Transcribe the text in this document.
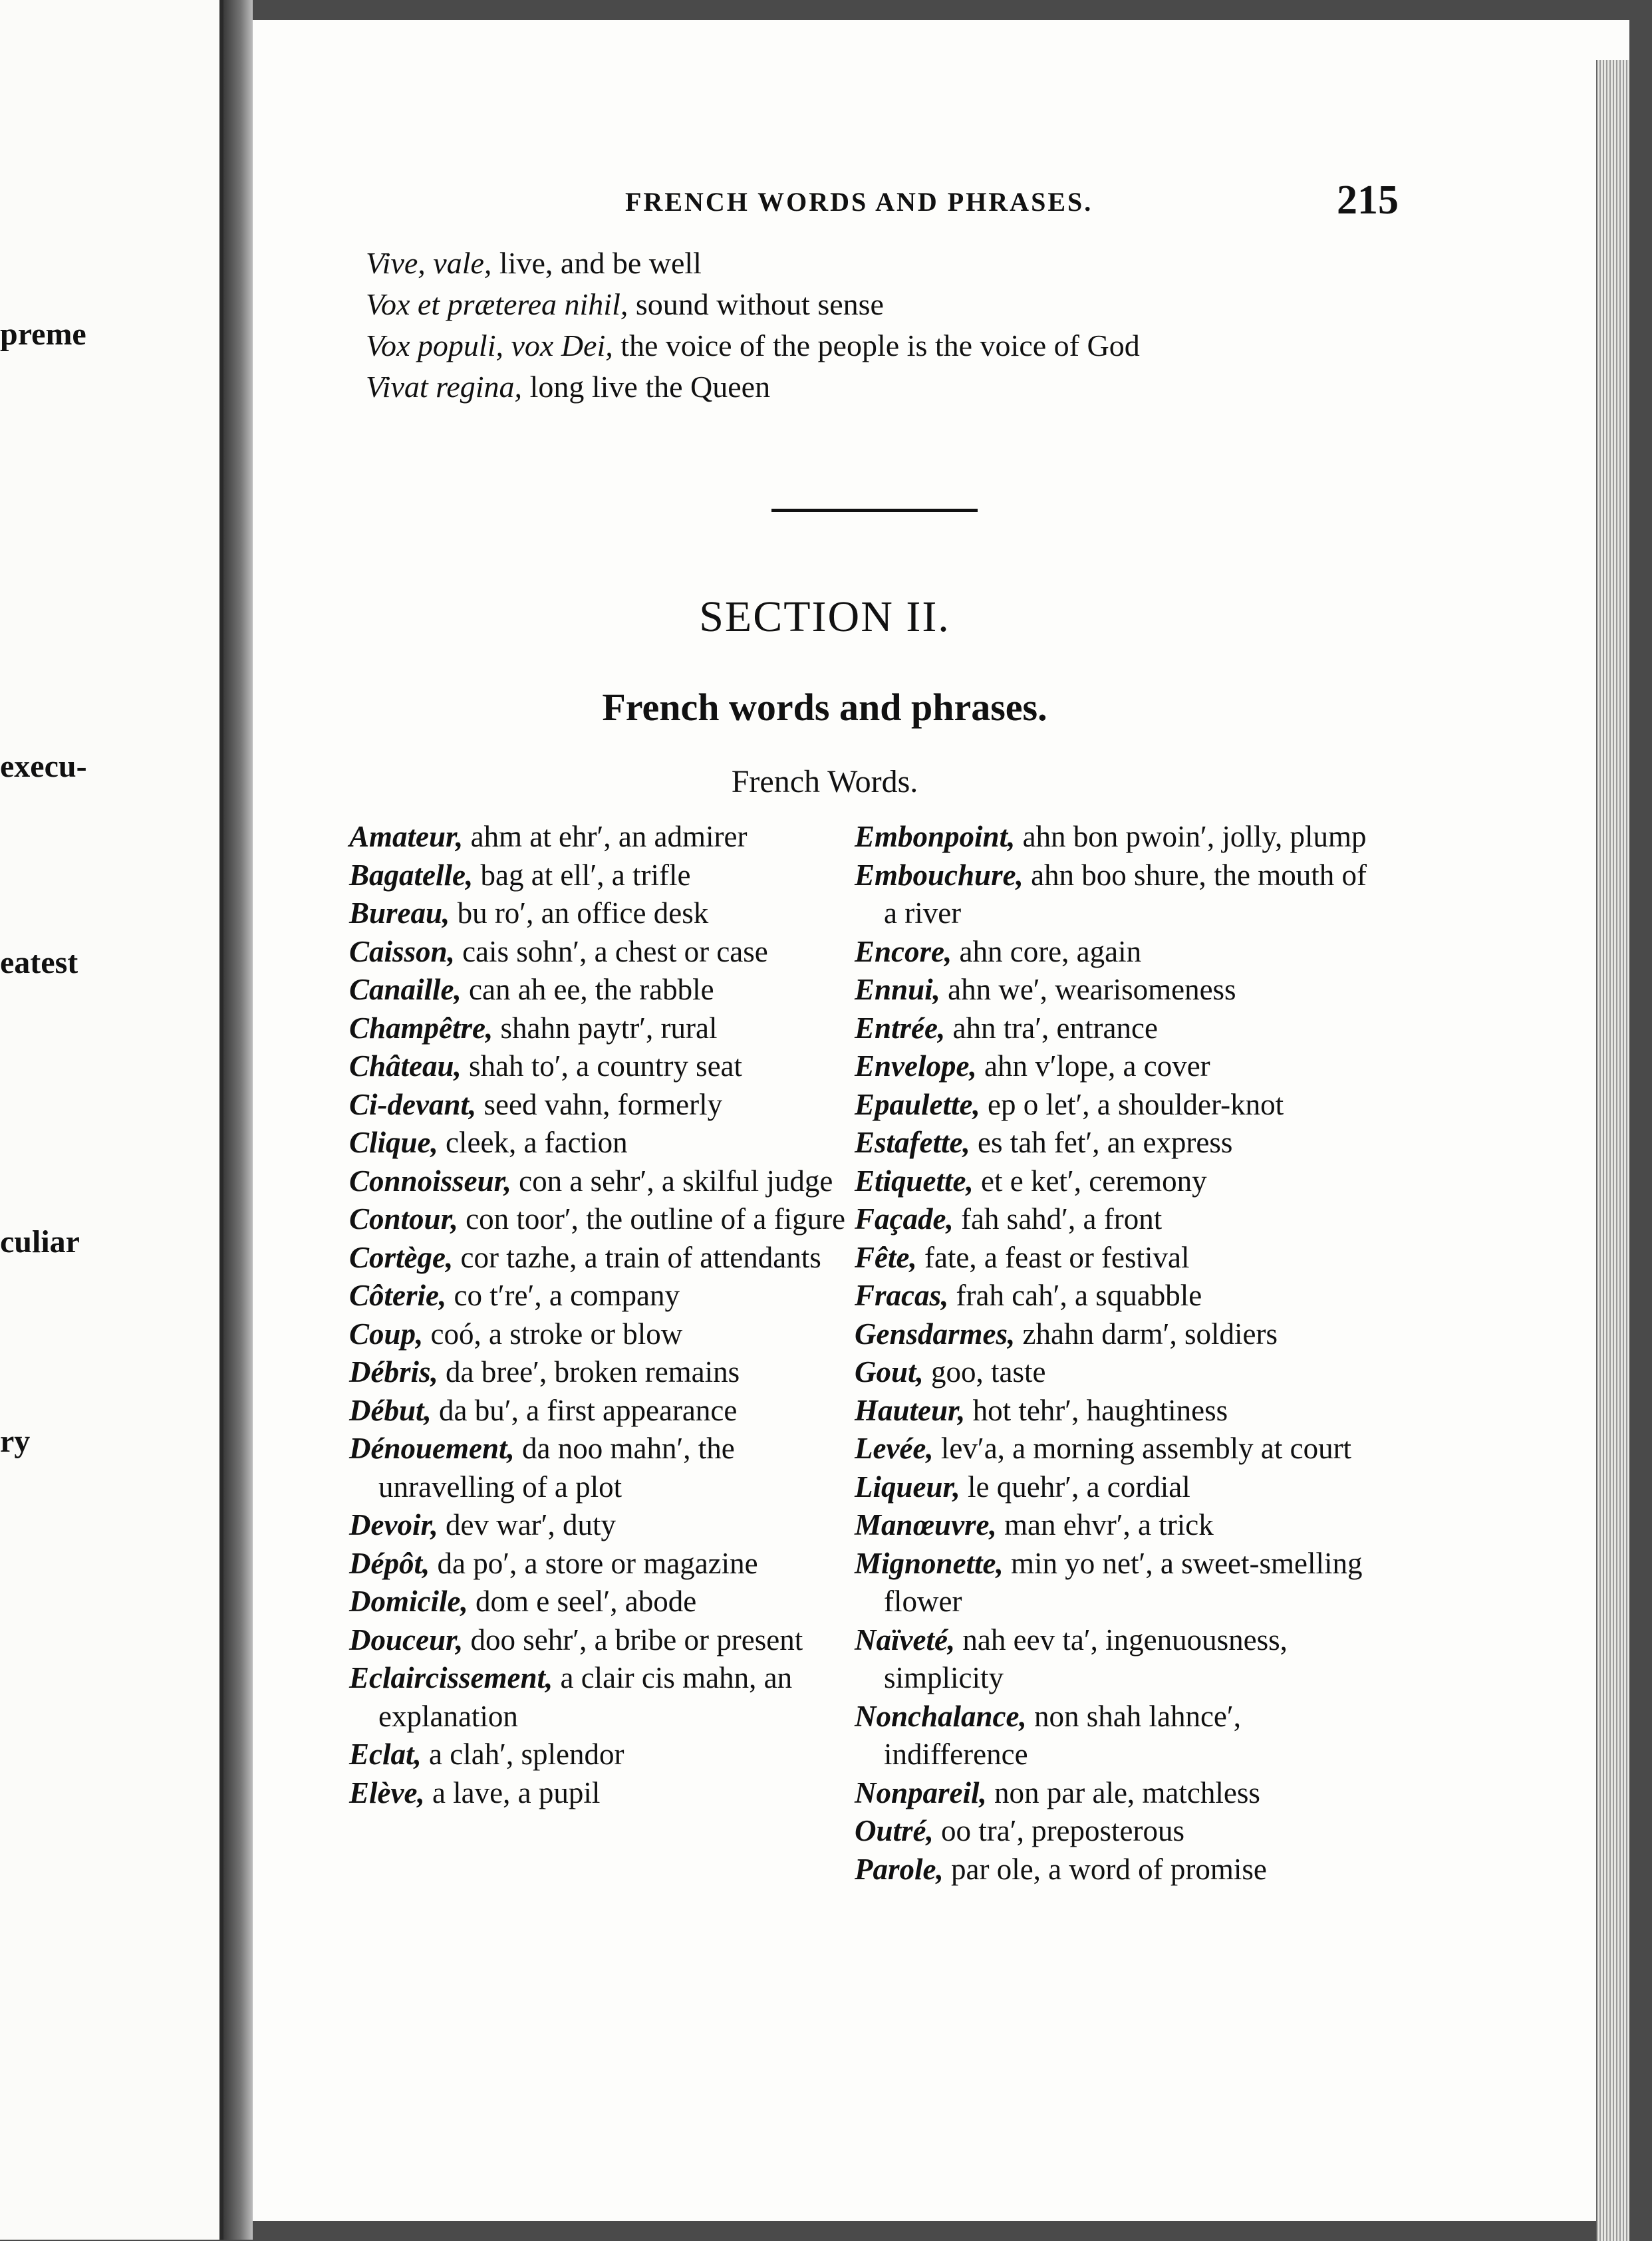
preme
execu-
eatest
culiar
ry
FRENCH WORDS AND PHRASES.	215
Vive, vale, live, and be well
Vox et præterea nihil, sound without sense
Vox populi, vox Dei, the voice of the people is the voice of God
Vivat regina, long live the Queen
SECTION II.
French words and phrases.
French Words.
Amateur, ahm at ehr′, an admirer
Bagatelle, bag at ell′, a trifle
Bureau, bu ro′, an office desk
Caisson, cais sohn′, a chest or case
Canaille, can ah ee, the rabble
Champêtre, shahn paytr′, rural
Château, shah to′, a country seat
Ci-devant, seed vahn, formerly
Clique, cleek, a faction
Connoisseur, con a sehr′, a skilful judge
Contour, con toor′, the outline of a figure
Cortège, cor tazhe, a train of attendants
Côterie, co t′re′, a company
Coup, coó, a stroke or blow
Débris, da bree′, broken remains
Début, da bu′, a first appearance
Dénouement, da noo mahn′, the unravelling of a plot
Devoir, dev war′, duty
Dépôt, da po′, a store or magazine
Domicile, dom e seel′, abode
Douceur, doo sehr′, a bribe or present
Eclaircissement, a clair cis mahn, an explanation
Eclat, a clah′, splendor
Elève, a lave, a pupil
Embonpoint, ahn bon pwoin′, jolly, plump
Embouchure, ahn boo shure, the mouth of a river
Encore, ahn core, again
Ennui, ahn we′, wearisomeness
Entrée, ahn tra′, entrance
Envelope, ahn v′lope, a cover
Epaulette, ep o let′, a shoulder-knot
Estafette, es tah fet′, an express
Etiquette, et e ket′, ceremony
Façade, fah sahd′, a front
Fête, fate, a feast or festival
Fracas, frah cah′, a squabble
Gensdarmes, zhahn darm′, soldiers
Gout, goo, taste
Hauteur, hot tehr′, haughtiness
Levée, lev′a, a morning assembly at court
Liqueur, le quehr′, a cordial
Manœuvre, man ehvr′, a trick
Mignonette, min yo net′, a sweet-smelling flower
Naïveté, nah eev ta′, ingenuousness, simplicity
Nonchalance, non shah lahnce′, indifference
Nonpareil, non par ale, matchless
Outré, oo tra′, preposterous
Parole, par ole, a word of promise
